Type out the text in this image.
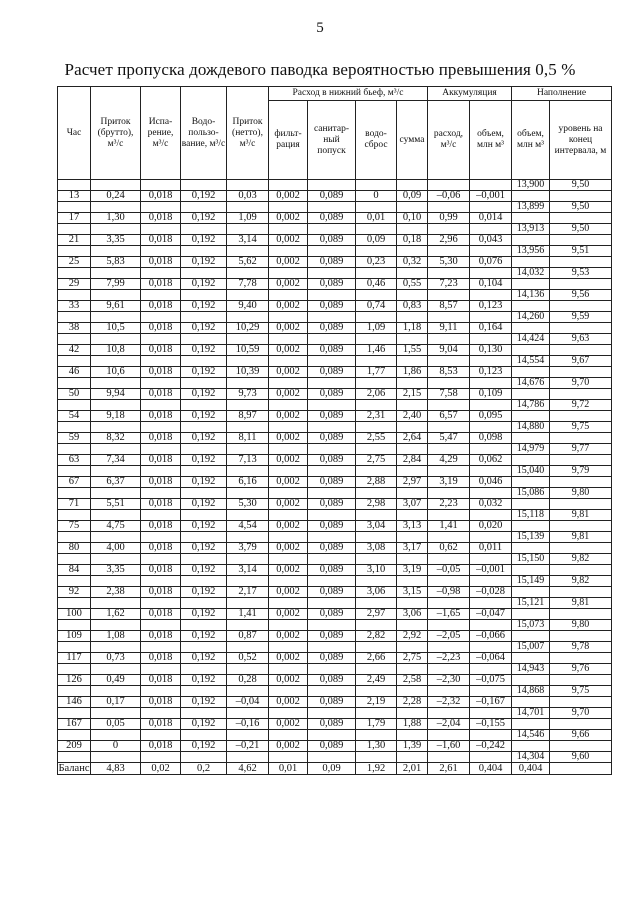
5
Расчет пропуска дождевого паводка вероятностью превышения 0,5 %
Час	Приток (брутто), м³/с	Испа-рение, м³/с	Водо-пользо-вание, м³/с	Приток (нетто), м³/с	Расход в нижний бьеф, м³/с				Аккумуляция		Наполнение	
					фильт-рация	санитар-ный попуск	водо-сброс	сумма	расход, м³/с	объем, млн м³	объем, млн м³	уровень на конец интервала, м
											13,900	9,50
13	0,24	0,018	0,192	0,03	0,002	0,089	0	0,09	–0,06	–0,001		
											13,899	9,50
17	1,30	0,018	0,192	1,09	0,002	0,089	0,01	0,10	0,99	0,014		
											13,913	9,50
21	3,35	0,018	0,192	3,14	0,002	0,089	0,09	0,18	2,96	0,043		
											13,956	9,51
25	5,83	0,018	0,192	5,62	0,002	0,089	0,23	0,32	5,30	0,076		
											14,032	9,53
29	7,99	0,018	0,192	7,78	0,002	0,089	0,46	0,55	7,23	0,104		
											14,136	9,56
33	9,61	0,018	0,192	9,40	0,002	0,089	0,74	0,83	8,57	0,123		
											14,260	9,59
38	10,5	0,018	0,192	10,29	0,002	0,089	1,09	1,18	9,11	0,164		
											14,424	9,63
42	10,8	0,018	0,192	10,59	0,002	0,089	1,46	1,55	9,04	0,130		
											14,554	9,67
46	10,6	0,018	0,192	10,39	0,002	0,089	1,77	1,86	8,53	0,123		
											14,676	9,70
50	9,94	0,018	0,192	9,73	0,002	0,089	2,06	2,15	7,58	0,109		
											14,786	9,72
54	9,18	0,018	0,192	8,97	0,002	0,089	2,31	2,40	6,57	0,095		
											14,880	9,75
59	8,32	0,018	0,192	8,11	0,002	0,089	2,55	2,64	5,47	0,098		
											14,979	9,77
63	7,34	0,018	0,192	7,13	0,002	0,089	2,75	2,84	4,29	0,062		
											15,040	9,79
67	6,37	0,018	0,192	6,16	0,002	0,089	2,88	2,97	3,19	0,046		
											15,086	9,80
71	5,51	0,018	0,192	5,30	0,002	0,089	2,98	3,07	2,23	0,032		
											15,118	9,81
75	4,75	0,018	0,192	4,54	0,002	0,089	3,04	3,13	1,41	0,020		
											15,139	9,81
80	4,00	0,018	0,192	3,79	0,002	0,089	3,08	3,17	0,62	0,011		
											15,150	9,82
84	3,35	0,018	0,192	3,14	0,002	0,089	3,10	3,19	–0,05	–0,001		
											15,149	9,82
92	2,38	0,018	0,192	2,17	0,002	0,089	3,06	3,15	–0,98	–0,028		
											15,121	9,81
100	1,62	0,018	0,192	1,41	0,002	0,089	2,97	3,06	–1,65	–0,047		
											15,073	9,80
109	1,08	0,018	0,192	0,87	0,002	0,089	2,82	2,92	–2,05	–0,066		
											15,007	9,78
117	0,73	0,018	0,192	0,52	0,002	0,089	2,66	2,75	–2,23	–0,064		
											14,943	9,76
126	0,49	0,018	0,192	0,28	0,002	0,089	2,49	2,58	–2,30	–0,075		
											14,868	9,75
146	0,17	0,018	0,192	–0,04	0,002	0,089	2,19	2,28	–2,32	–0,167		
											14,701	9,70
167	0,05	0,018	0,192	–0,16	0,002	0,089	1,79	1,88	–2,04	–0,155		
											14,546	9,66
209	0	0,018	0,192	–0,21	0,002	0,089	1,30	1,39	–1,60	–0,242		
											14,304	9,60
Баланс	4,83	0,02	0,2	4,62	0,01	0,09	1,92	2,01	2,61	0,404	0,404	
